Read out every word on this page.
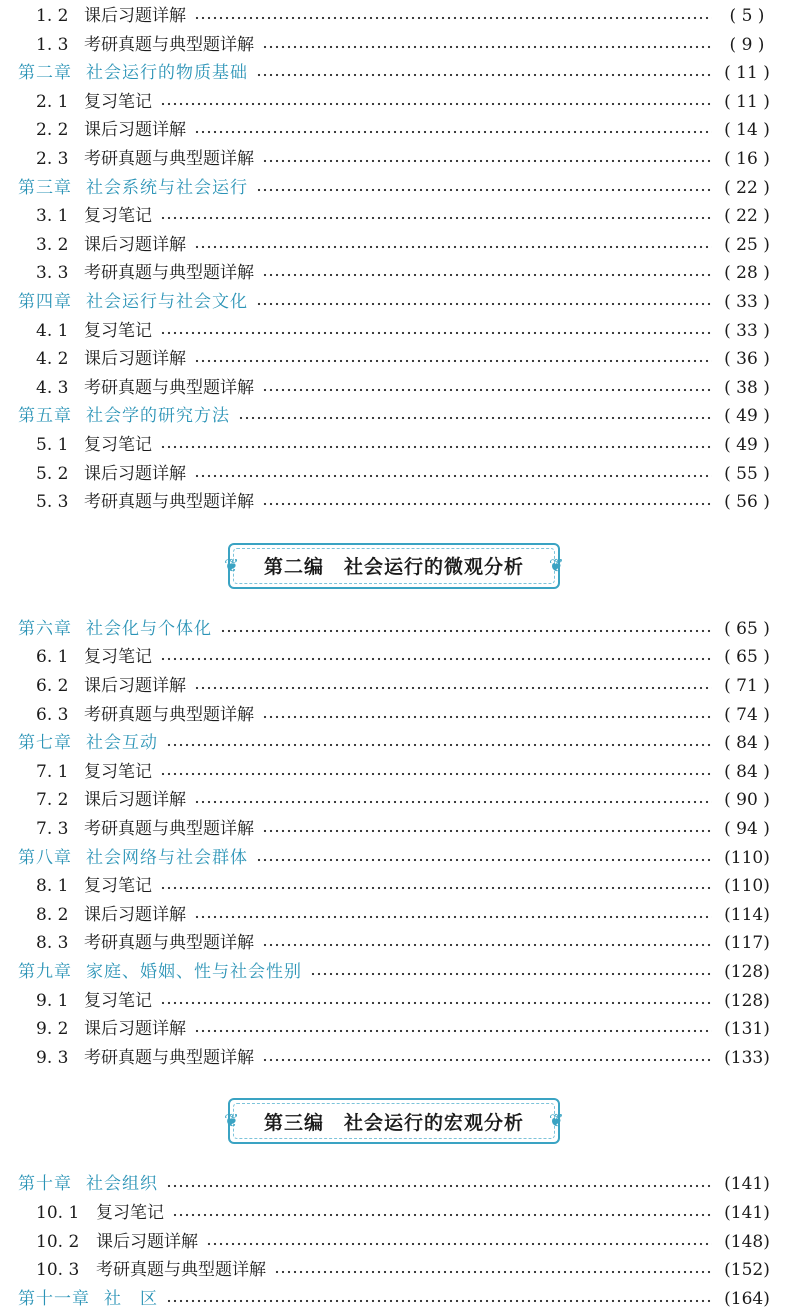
1. 2 课后习题详解	( 5 )
1. 3 考研真题与典型题详解	( 9 )
第二章 社会运行的物质基础	( 11 )
2. 1 复习笔记	( 11 )
2. 2 课后习题详解	( 14 )
2. 3 考研真题与典型题详解	( 16 )
第三章 社会系统与社会运行	( 22 )
3. 1 复习笔记	( 22 )
3. 2 课后习题详解	( 25 )
3. 3 考研真题与典型题详解	( 28 )
第四章 社会运行与社会文化	( 33 )
4. 1 复习笔记	( 33 )
4. 2 课后习题详解	( 36 )
4. 3 考研真题与典型题详解	( 38 )
第五章 社会学的研究方法	( 49 )
5. 1 复习笔记	( 49 )
5. 2 课后习题详解	( 55 )
5. 3 考研真题与典型题详解	( 56 )
❦ 第二编　社会运行的微观分析 ❦
第六章 社会化与个体化	( 65 )
6. 1 复习笔记	( 65 )
6. 2 课后习题详解	( 71 )
6. 3 考研真题与典型题详解	( 74 )
第七章 社会互动	( 84 )
7. 1 复习笔记	( 84 )
7. 2 课后习题详解	( 90 )
7. 3 考研真题与典型题详解	( 94 )
第八章 社会网络与社会群体	(110)
8. 1 复习笔记	(110)
8. 2 课后习题详解	(114)
8. 3 考研真题与典型题详解	(117)
第九章 家庭、婚姻、性与社会性别	(128)
9. 1 复习笔记	(128)
9. 2 课后习题详解	(131)
9. 3 考研真题与典型题详解	(133)
❦ 第三编　社会运行的宏观分析 ❦
第十章 社会组织	(141)
10. 1 复习笔记	(141)
10. 2 课后习题详解	(148)
10. 3 考研真题与典型题详解	(152)
第十一章 社　区	(164)
